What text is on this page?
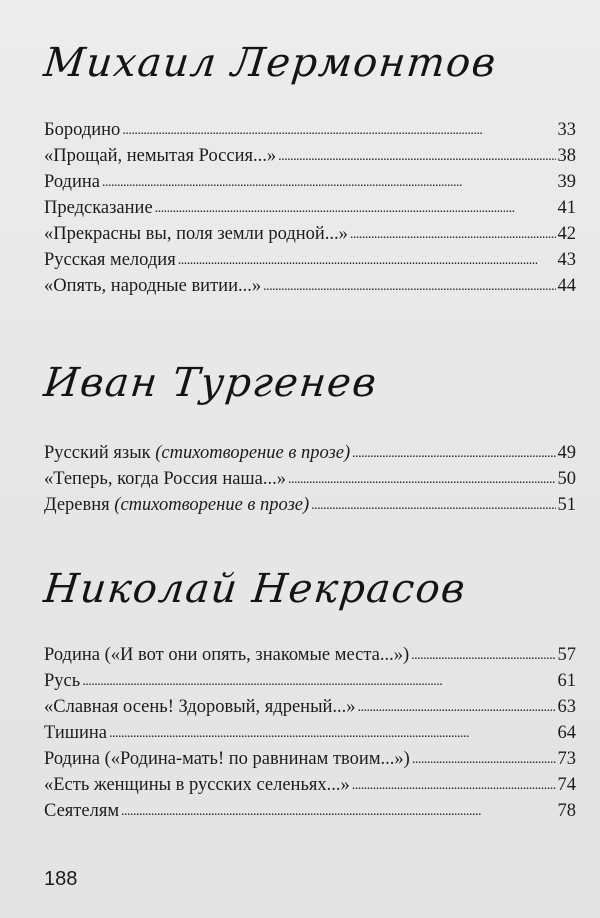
Михаил Лермонтов
Бородино . . .	33
«Прощай, немытая Россия...» . . .	38
Родина . . .	39
Предсказание . . .	41
«Прекрасны вы, поля земли родной...» . . .	42
Русская мелодия . . .	43
«Опять, народные витии...» . . .	44
Иван Тургенев
Русский язык (стихотворение в прозе) . . .	49
«Теперь, когда Россия наша...» . . .	50
Деревня (стихотворение в прозе) . . .	51
Николай Некрасов
Родина («И вот они опять, знакомые места...») . . .	57
Русь . . .	61
«Славная осень! Здоровый, ядреный...» . . .	63
Тишина . . .	64
Родина («Родина-мать! по равнинам твоим...») . . .	73
«Есть женщины в русских селеньях...» . . .	74
Сеятелям . . .	78
188
